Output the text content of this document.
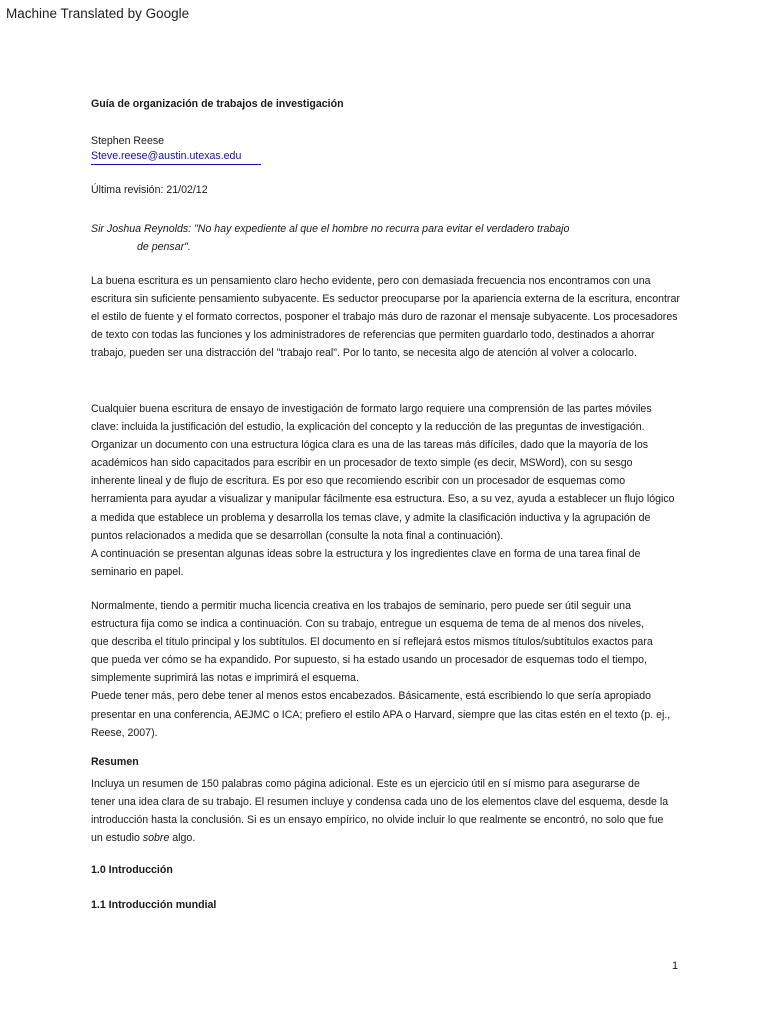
Machine Translated by Google
Guía de organización de trabajos de investigación
Stephen Reese
Steve.reese@austin.utexas.edu
Última revisión: 21/02/12
Sir Joshua Reynolds: "No hay expediente al que el hombre no recurra para evitar el verdadero trabajo
de pensar".
La buena escritura es un pensamiento claro hecho evidente, pero con demasiada frecuencia nos encontramos con una
escritura sin suficiente pensamiento subyacente. Es seductor preocuparse por la apariencia externa de la escritura, encontrar
el estilo de fuente y el formato correctos, posponer el trabajo más duro de razonar el mensaje subyacente. Los procesadores
de texto con todas las funciones y los administradores de referencias que permiten guardarlo todo, destinados a ahorrar
trabajo, pueden ser una distracción del "trabajo real". Por lo tanto, se necesita algo de atención al volver a colocarlo.
Cualquier buena escritura de ensayo de investigación de formato largo requiere una comprensión de las partes móviles
clave: incluida la justificación del estudio, la explicación del concepto y la reducción de las preguntas de investigación.
Organizar un documento con una estructura lógica clara es una de las tareas más difíciles, dado que la mayoría de los
académicos han sido capacitados para escribir en un procesador de texto simple (es decir, MSWord), con su sesgo
inherente lineal y de flujo de escritura. Es por eso que recomiendo escribir con un procesador de esquemas como
herramienta para ayudar a visualizar y manipular fácilmente esa estructura. Eso, a su vez, ayuda a establecer un flujo lógico
a medida que establece un problema y desarrolla los temas clave, y admite la clasificación inductiva y la agrupación de
puntos relacionados a medida que se desarrollan (consulte la nota final a continuación).
A continuación se presentan algunas ideas sobre la estructura y los ingredientes clave en forma de una tarea final de
seminario en papel.
Normalmente, tiendo a permitir mucha licencia creativa en los trabajos de seminario, pero puede ser útil seguir una
estructura fija como se indica a continuación. Con su trabajo, entregue un esquema de tema de al menos dos niveles,
que describa el título principal y los subtítulos. El documento en sí reflejará estos mismos títulos/subtítulos exactos para
que pueda ver cómo se ha expandido. Por supuesto, si ha estado usando un procesador de esquemas todo el tiempo,
simplemente suprimirá las notas e imprimirá el esquema.
Puede tener más, pero debe tener al menos estos encabezados. Básicamente, está escribiendo lo que sería apropiado
presentar en una conferencia, AEJMC o ICA; prefiero el estilo APA o Harvard, siempre que las citas estén en el texto (p. ej.,
Reese, 2007).
Resumen
Incluya un resumen de 150 palabras como página adicional. Este es un ejercicio útil en sí mismo para asegurarse de
tener una idea clara de su trabajo. El resumen incluye y condensa cada uno de los elementos clave del esquema, desde la
introducción hasta la conclusión. Si es un ensayo empírico, no olvide incluir lo que realmente se encontró, no solo que fue
un estudio sobre algo.
1.0 Introducción
1.1 Introducción mundial
1
